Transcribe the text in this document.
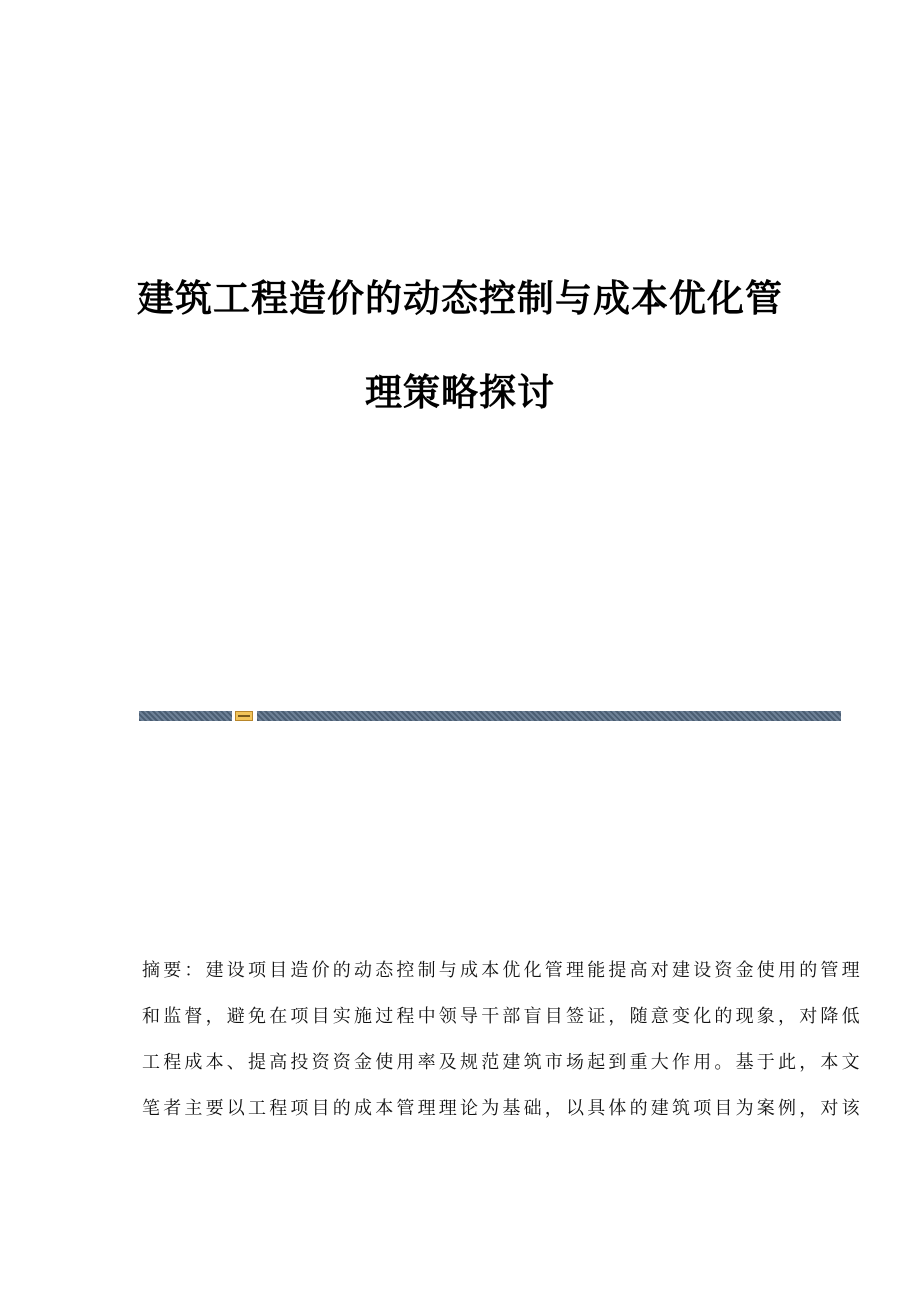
建筑工程造价的动态控制与成本优化管
理策略探讨
摘要：建设项目造价的动态控制与成本优化管理能提高对建设资金使用的管理
和监督，避免在项目实施过程中领导干部盲目签证，随意变化的现象，对降低
工程成本、提高投资资金使用率及规范建筑市场起到重大作用。基于此，本文
笔者主要以工程项目的成本管理理论为基础，以具体的建筑项目为案例，对该
